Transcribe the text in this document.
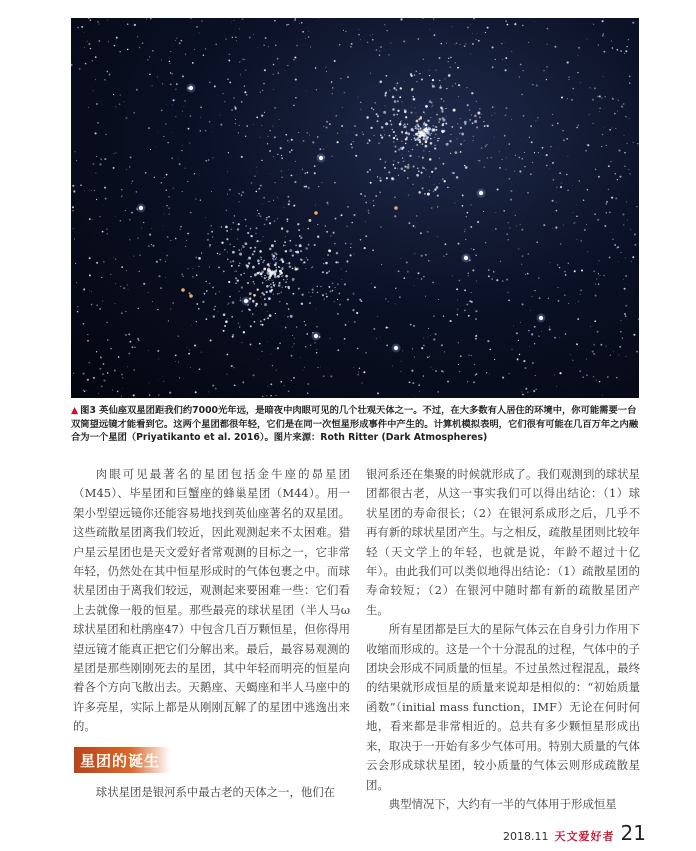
▲ 图3 英仙座双星团距我们约7000光年远，是暗夜中肉眼可见的几个壮观天体之一。不过，在大多数有人居住的环境中，你可能需要一台双筒望远镜才能看到它。这两个星团都很年轻，它们是在同一次恒星形成事件中产生的。计算机模拟表明，它们很有可能在几百万年之内融合为一个星团（Priyatikanto et al. 2016）。图片来源：Roth Ritter (Dark Atmospheres)

肉眼可见最著名的星团包括金牛座的昴星团（M45）、毕星团和巨蟹座的蜂巢星团（M44）。用一架小型望远镜你还能容易地找到英仙座著名的双星团。这些疏散星团离我们较近，因此观测起来不太困难。猎户星云星团也是天文爱好者常观测的目标之一，它非常年轻，仍然处在其中恒星形成时的气体包裹之中。而球状星团由于离我们较远，观测起来要困难一些：它们看上去就像一般的恒星。那些最亮的球状星团（半人马ω球状星团和杜鹃座47）中包含几百万颗恒星，但你得用望远镜才能真正把它们分解出来。最后，最容易观测的星团是那些刚刚死去的星团，其中年轻而明亮的恒星向着各个方向飞散出去。天鹅座、天蝎座和半人马座中的许多亮星，实际上都是从刚刚瓦解了的星团中逃逸出来的。

星团的诞生

球状星团是银河系中最古老的天体之一，他们在

银河系还在集聚的时候就形成了。我们观测到的球状星团都很古老，从这一事实我们可以得出结论：（1）球状星团的寿命很长；（2）在银河系成形之后，几乎不再有新的球状星团产生。与之相反，疏散星团则比较年轻（天文学上的年轻，也就是说，年龄不超过十亿年）。由此我们可以类似地得出结论：（1）疏散星团的寿命较短；（2）在银河中随时都有新的疏散星团产生。

所有星团都是巨大的星际气体云在自身引力作用下收缩而形成的。这是一个十分混乱的过程，气体中的子团块会形成不同质量的恒星。不过虽然过程混乱，最终的结果就形成恒星的质量来说却是相似的：“初始质量函数”（initial mass function，IMF）无论在何时何地，看来都是非常相近的。总共有多少颗恒星形成出来，取决于一开始有多少气体可用。特别大质量的气体云会形成球状星团，较小质量的气体云则形成疏散星团。

典型情况下，大约有一半的气体用于形成恒星

2018.11 天文爱好者 21
